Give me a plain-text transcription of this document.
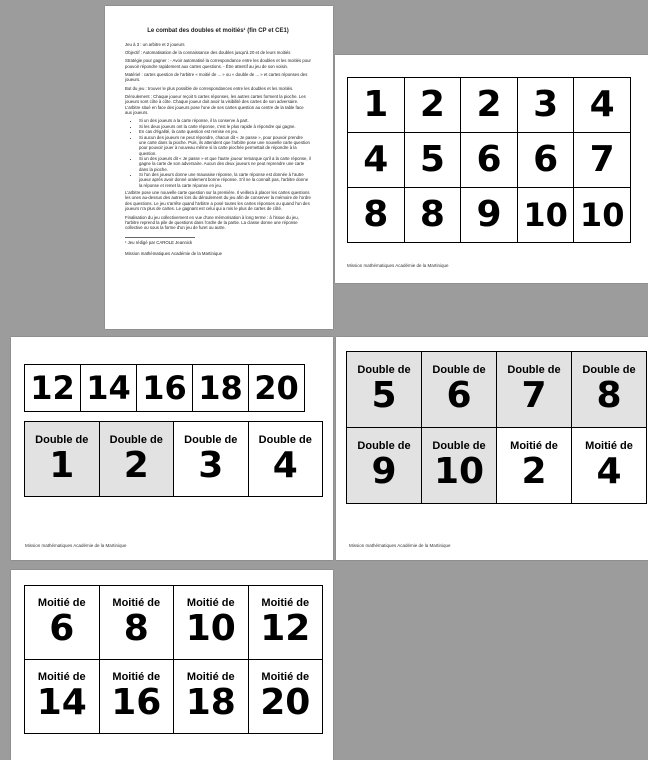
Le combat des doubles et moitiés¹ (fin CP et CE1)

Jeu à 3 : un arbitre et 2 joueurs

Objectif : Automatisation de la connaissance des doubles jusqu'à 20 et de leurs moitiés

Stratégie pour gagner : - Avoir automatisé la correspondance entre les doubles et les moitiés pour pouvoir répondre rapidement aux cartes questions. - Être attentif au jeu de son voisin.

Matériel : cartes question de l'arbitre « moitié de ... » ou « double de ... » et cartes réponses des joueurs.

But du jeu : trouver le plus possible de correspondances entre les doubles et les moitiés.

Déroulement : Chaque joueur reçoit 5 cartes réponses, les autres cartes forment la pioche. Les joueurs sont côte à côte. Chaque joueur doit avoir la visibilité des cartes de son adversaire. L'arbitre situé en face des joueurs pose l'une de ses cartes question au centre de la table face aux joueurs.

• Si un des joueurs a la carte réponse, il la conserve à part.
• Si les deux joueurs ont la carte réponse, c'est le plus rapide à répondre qui gagne.
• En cas d'égalité, la carte question est remise en jeu.
• Si aucun des joueurs ne peut répondre, chacun dit « Je passe », pour pouvoir prendre une carte dans la pioche. Puis, ils attendent que l'arbitre pose une nouvelle carte question pour pouvoir jouer à nouveau même si la carte piochée permettait de répondre à la question.
• Si un des joueurs dit « Je passe » et que l'autre joueur remarque qu'il a la carte réponse, il gagne la carte de son adversaire. Aucun des deux joueurs ne peut reprendre une carte dans la pioche.
• Si l'un des joueurs donne une mauvaise réponse, la carte réponse est donnée à l'autre joueur après avoir donné oralement bonne réponse. S'il ne la connaît pas, l'arbitre donne la réponse et remet la carte réponse en jeu.

L'arbitre pose une nouvelle carte question sur la première. Il veillera à placer les cartes questions les unes au-dessus des autres lors du déroulement du jeu afin de conserver la mémoire de l'ordre des questions. Le jeu s'arrête quand l'arbitre a posé toutes les cartes réponses ou quand l'un des joueurs n'a plus de cartes. Le gagnant est celui qui a mis le plus de cartes de côté.

Finalisation du jeu collectivement en vue d'une mémorisation à long terme : à l'issue du jeu, l'arbitre reprend la pile de questions dans l'ordre de la partie. La classe donne une réponse collective ou sous la forme d'un jeu de furet ou autre.

¹ Jeu rédigé par CAROLE Jeannick
Mission mathématiques Académie de la Martinique
1 2 2 3 4
4 5 6 6 7
8 8 9 10 10
Mission mathématiques Académie de la Martinique
12 14 16 18 20
Double de
1
Double de
2
Double de
3
Double de
4
Mission mathématiques Académie de la Martinique
Double de
5
Double de
6
Double de
7
Double de
8
Double de
9
Double de
10
Moitié de
2
Moitié de
4
Mission mathématiques Académie de la Martinique
Moitié de
6
Moitié de
8
Moitié de
10
Moitié de
12
Moitié de
14
Moitié de
16
Moitié de
18
Moitié de
20
